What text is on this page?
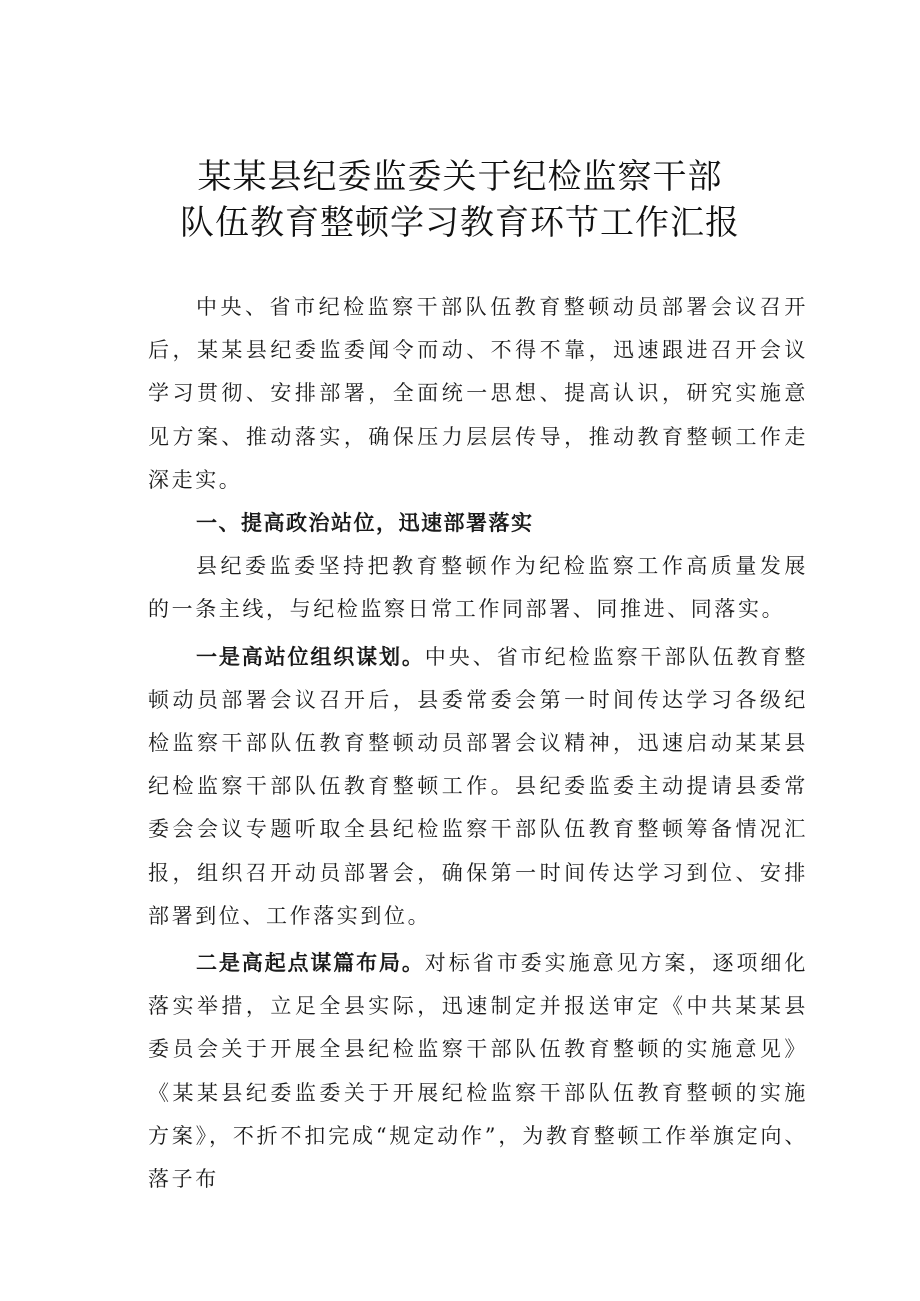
某某县纪委监委关于纪检监察干部
队伍教育整顿学习教育环节工作汇报

中央、省市纪检监察干部队伍教育整顿动员部署会议召开后，某某县纪委监委闻令而动、不得不靠，迅速跟进召开会议学习贯彻、安排部署，全面统一思想、提高认识，研究实施意见方案、推动落实，确保压力层层传导，推动教育整顿工作走深走实。

一、提高政治站位，迅速部署落实

县纪委监委坚持把教育整顿作为纪检监察工作高质量发展的一条主线，与纪检监察日常工作同部署、同推进、同落实。

一是高站位组织谋划。中央、省市纪检监察干部队伍教育整顿动员部署会议召开后，县委常委会第一时间传达学习各级纪检监察干部队伍教育整顿动员部署会议精神，迅速启动某某县纪检监察干部队伍教育整顿工作。县纪委监委主动提请县委常委会会议专题听取全县纪检监察干部队伍教育整顿筹备情况汇报，组织召开动员部署会，确保第一时间传达学习到位、安排部署到位、工作落实到位。

二是高起点谋篇布局。对标省市委实施意见方案，逐项细化落实举措，立足全县实际，迅速制定并报送审定《中共某某县委员会关于开展全县纪检监察干部队伍教育整顿的实施意见》《某某县纪委监委关于开展纪检监察干部队伍教育整顿的实施方案》，不折不扣完成“规定动作”，为教育整顿工作举旗定向、落子布
